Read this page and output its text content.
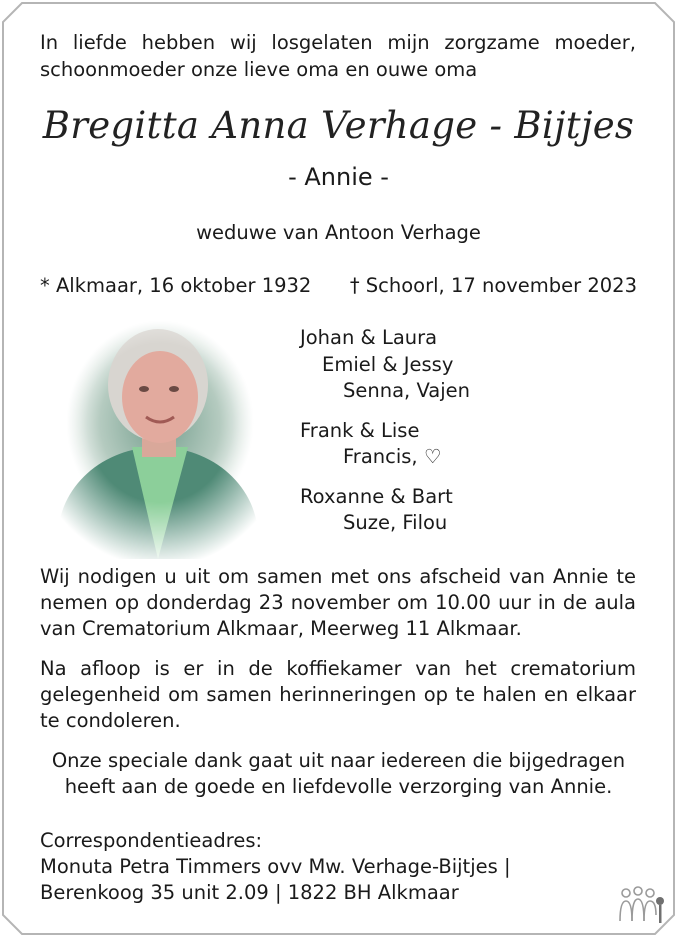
In liefde hebben wij losgelaten mijn zorgzame moeder,

schoonmoeder onze lieve oma en ouwe oma

Bregitta Anna Verhage - Bijtjes
- Annie -

weduwe van Antoon Verhage

* Alkmaar, 16 oktober 1932 † Schoorl, 17 november 2023

Johan & Laura

Emiel & Jessy

Senna, Vajen

Frank & Lise

Francis, ♡

Roxanne & Bart

Suze, Filou

Wij nodigen u uit om samen met ons afscheid van Annie te

nemen op donderdag 23 november om 10.00 uur in de aula

van Crematorium Alkmaar, Meerweg 11 Alkmaar.

Na afloop is er in de koffiekamer van het crematorium

gelegenheid om samen herinneringen op te halen en elkaar

te condoleren.

Onze speciale dank gaat uit naar iedereen die bijgedragen

heeft aan de goede en liefdevolle verzorging van Annie.

Correspondentieadres:

Monuta Petra Timmers ovv Mw. Verhage-Bijtjes |

Berenkoog 35 unit 2.09 | 1822 BH Alkmaar
